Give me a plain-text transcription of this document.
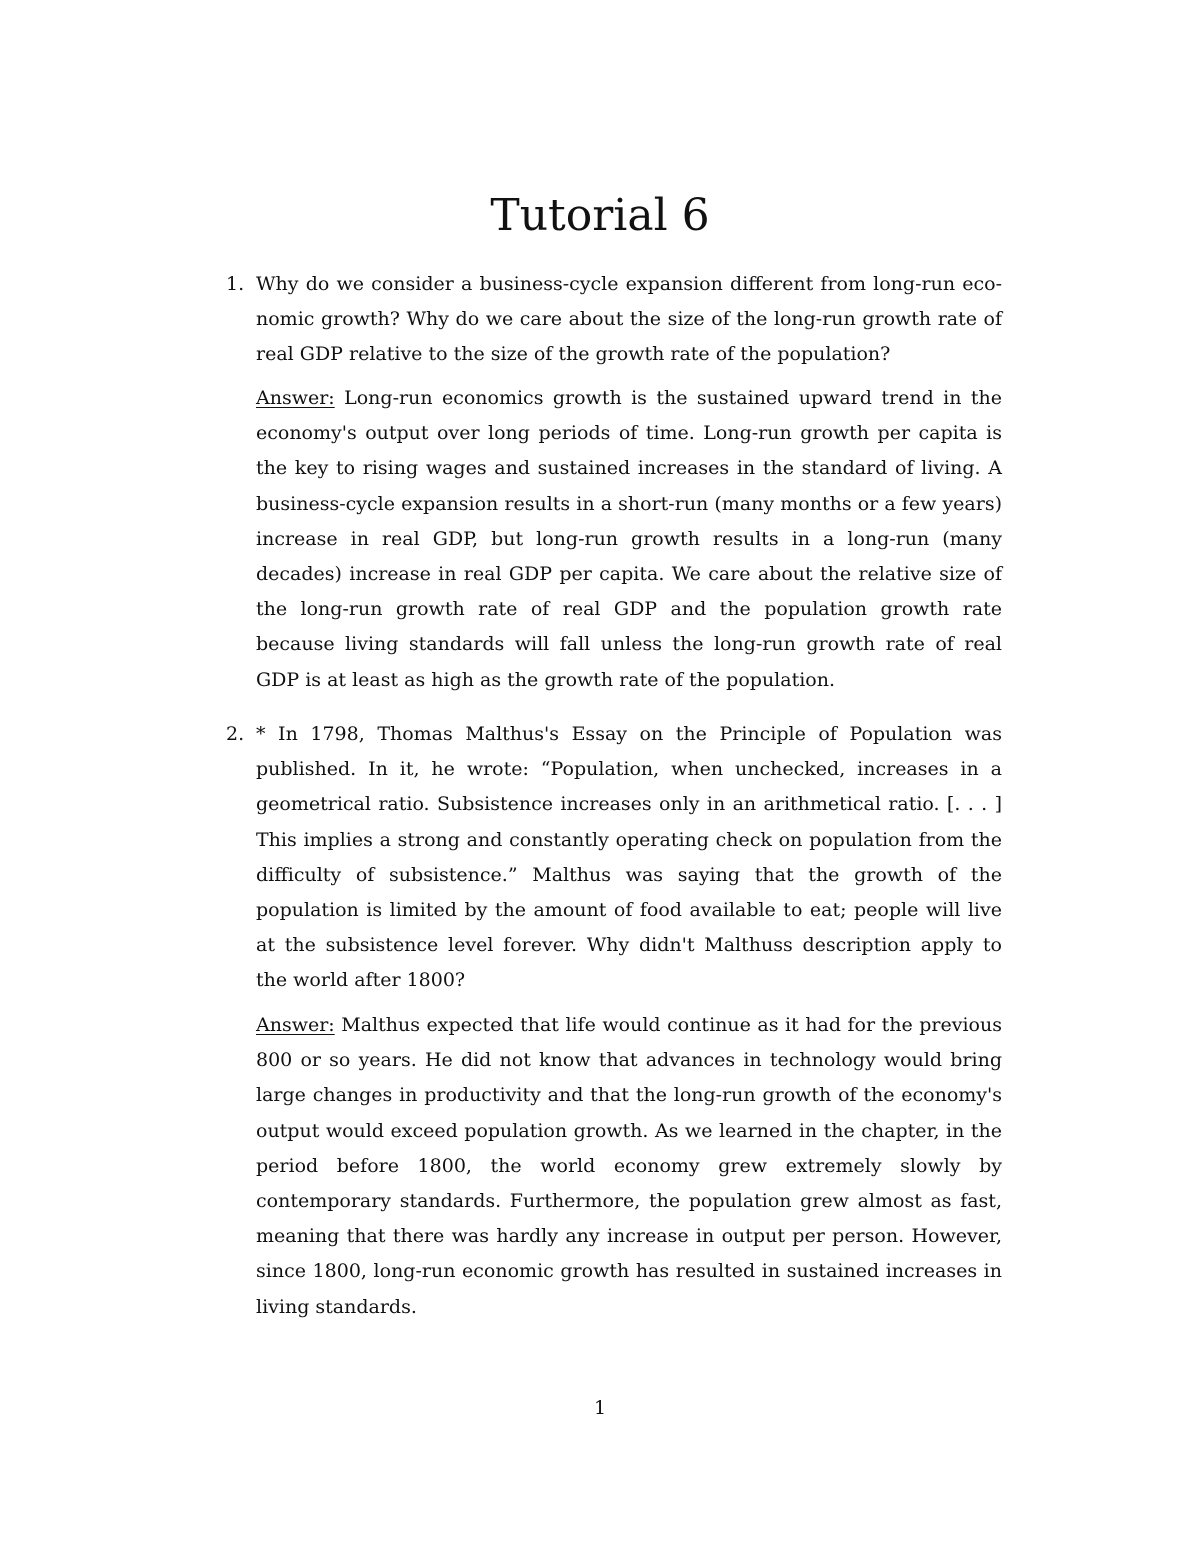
Tutorial 6
1. Why do we consider a business-cycle expansion different from long-run economic growth? Why do we care about the size of the long-run growth rate of real GDP relative to the size of the growth rate of the population?

Answer: Long-run economics growth is the sustained upward trend in the economy's output over long periods of time. Long-run growth per capita is the key to rising wages and sustained increases in the standard of living. A business-cycle expansion results in a short-run (many months or a few years) increase in real GDP, but long-run growth results in a long-run (many decades) increase in real GDP per capita. We care about the relative size of the long-run growth rate of real GDP and the population growth rate because living standards will fall unless the long-run growth rate of real GDP is at least as high as the growth rate of the population.

2. * In 1798, Thomas Malthus's Essay on the Principle of Population was published. In it, he wrote: “Population, when unchecked, increases in a geometrical ratio. Subsistence increases only in an arithmetical ratio. [. . . ] This implies a strong and constantly operating check on population from the difficulty of subsistence.” Malthus was saying that the growth of the population is limited by the amount of food available to eat; people will live at the subsistence level forever. Why didn't Malthuss description apply to the world after 1800?

Answer: Malthus expected that life would continue as it had for the previous 800 or so years. He did not know that advances in technology would bring large changes in productivity and that the long-run growth of the economy's output would exceed population growth. As we learned in the chapter, in the period before 1800, the world economy grew extremely slowly by contemporary standards. Furthermore, the population grew almost as fast, meaning that there was hardly any increase in output per person. However, since 1800, long-run economic growth has resulted in sustained increases in living standards.

1
